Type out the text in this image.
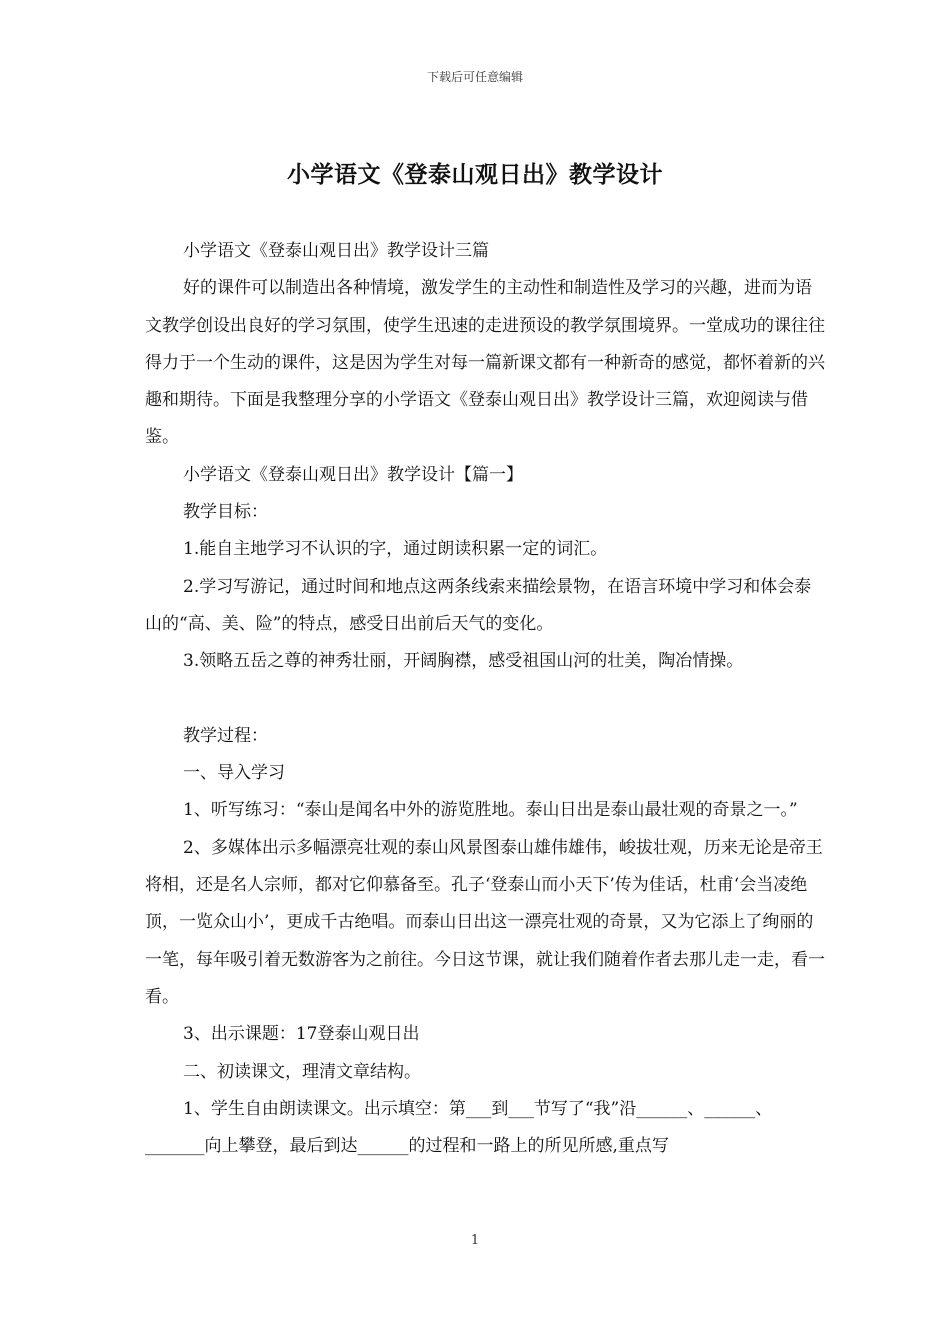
下载后可任意编辑
小学语文《登泰山观日出》教学设计

小学语文《登泰山观日出》教学设计三篇

好的课件可以制造出各种情境，激发学生的主动性和制造性及学习的兴趣，进而为语文教学创设出良好的学习氛围，使学生迅速的走进预设的教学氛围境界。一堂成功的课往往得力于一个生动的课件，这是因为学生对每一篇新课文都有一种新奇的感觉，都怀着新的兴趣和期待。下面是我整理分享的小学语文《登泰山观日出》教学设计三篇，欢迎阅读与借鉴。

小学语文《登泰山观日出》教学设计【篇一】

教学目标：

1.能自主地学习不认识的字，通过朗读积累一定的词汇。

2.学习写游记，通过时间和地点这两条线索来描绘景物，在语言环境中学习和体会泰山的“高、美、险”的特点，感受日出前后天气的变化。

3.领略五岳之尊的神秀壮丽，开阔胸襟，感受祖国山河的壮美，陶冶情操。

教学过程：

一、导入学习

1、听写练习：“泰山是闻名中外的游览胜地。泰山日出是泰山最壮观的奇景之一。”

2、多媒体出示多幅漂亮壮观的泰山风景图泰山雄伟雄伟，峻拔壮观，历来无论是帝王将相，还是名人宗师，都对它仰慕备至。孔子‘登泰山而小天下’传为佳话，杜甫‘会当凌绝顶，一览众山小’，更成千古绝唱。而泰山日出这一漂亮壮观的奇景，又为它添上了绚丽的一笔，每年吸引着无数游客为之前往。今日这节课，就让我们随着作者去那儿走一走，看一看。

3、出示课题：17登泰山观日出

二、初读课文，理清文章结构。

1、学生自由朗读课文。出示填空：第___到___节写了“我”沿______、______、_______向上攀登，最后到达______的过程和一路上的所见所感,重点写

1
